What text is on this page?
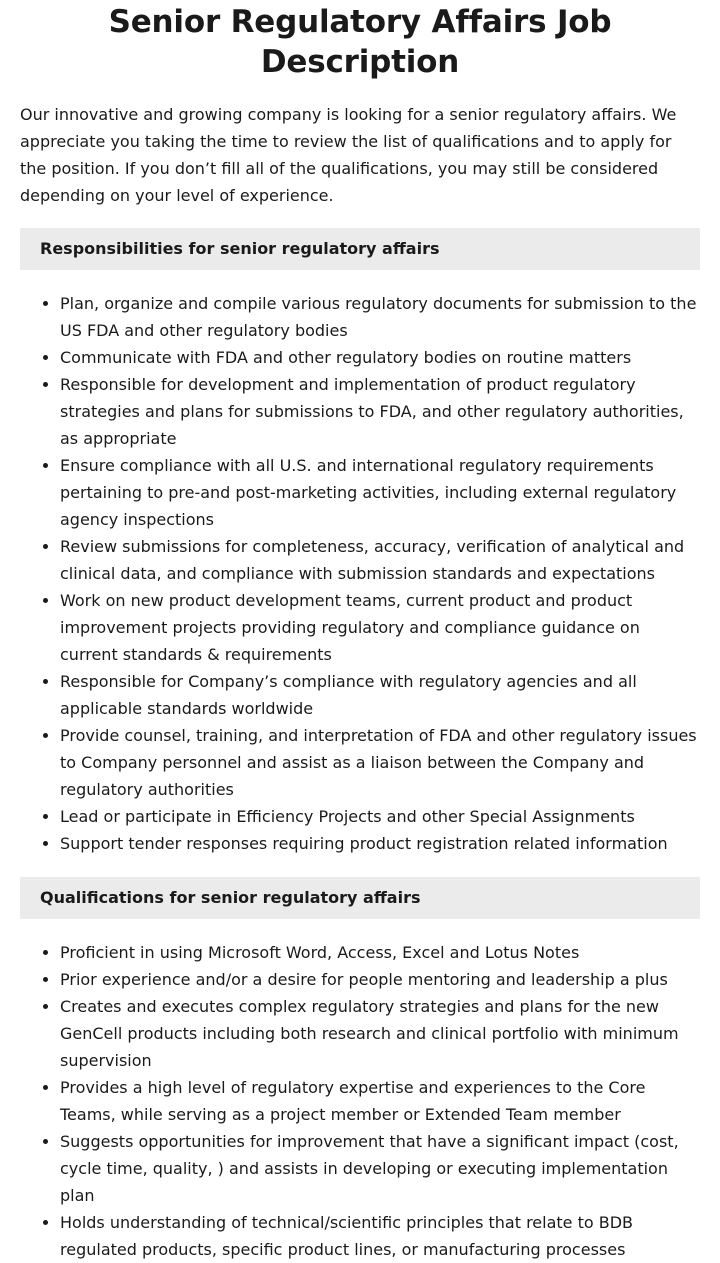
Senior Regulatory Affairs Job Description

Our innovative and growing company is looking for a senior regulatory affairs. We appreciate you taking the time to review the list of qualifications and to apply for the position. If you don’t fill all of the qualifications, you may still be considered depending on your level of experience.

Responsibilities for senior regulatory affairs
• Plan, organize and compile various regulatory documents for submission to the US FDA and other regulatory bodies
• Communicate with FDA and other regulatory bodies on routine matters
• Responsible for development and implementation of product regulatory strategies and plans for submissions to FDA, and other regulatory authorities, as appropriate
• Ensure compliance with all U.S. and international regulatory requirements pertaining to pre-and post-marketing activities, including external regulatory agency inspections
• Review submissions for completeness, accuracy, verification of analytical and clinical data, and compliance with submission standards and expectations
• Work on new product development teams, current product and product improvement projects providing regulatory and compliance guidance on current standards & requirements
• Responsible for Company’s compliance with regulatory agencies and all applicable standards worldwide
• Provide counsel, training, and interpretation of FDA and other regulatory issues to Company personnel and assist as a liaison between the Company and regulatory authorities
• Lead or participate in Efficiency Projects and other Special Assignments
• Support tender responses requiring product registration related information
Qualifications for senior regulatory affairs
• Proficient in using Microsoft Word, Access, Excel and Lotus Notes
• Prior experience and/or a desire for people mentoring and leadership a plus
• Creates and executes complex regulatory strategies and plans for the new GenCell products including both research and clinical portfolio with minimum supervision
• Provides a high level of regulatory expertise and experiences to the Core Teams, while serving as a project member or Extended Team member
• Suggests opportunities for improvement that have a significant impact (cost, cycle time, quality, ) and assists in developing or executing implementation plan
• Holds understanding of technical/scientific principles that relate to BDB regulated products, specific product lines, or manufacturing processes
